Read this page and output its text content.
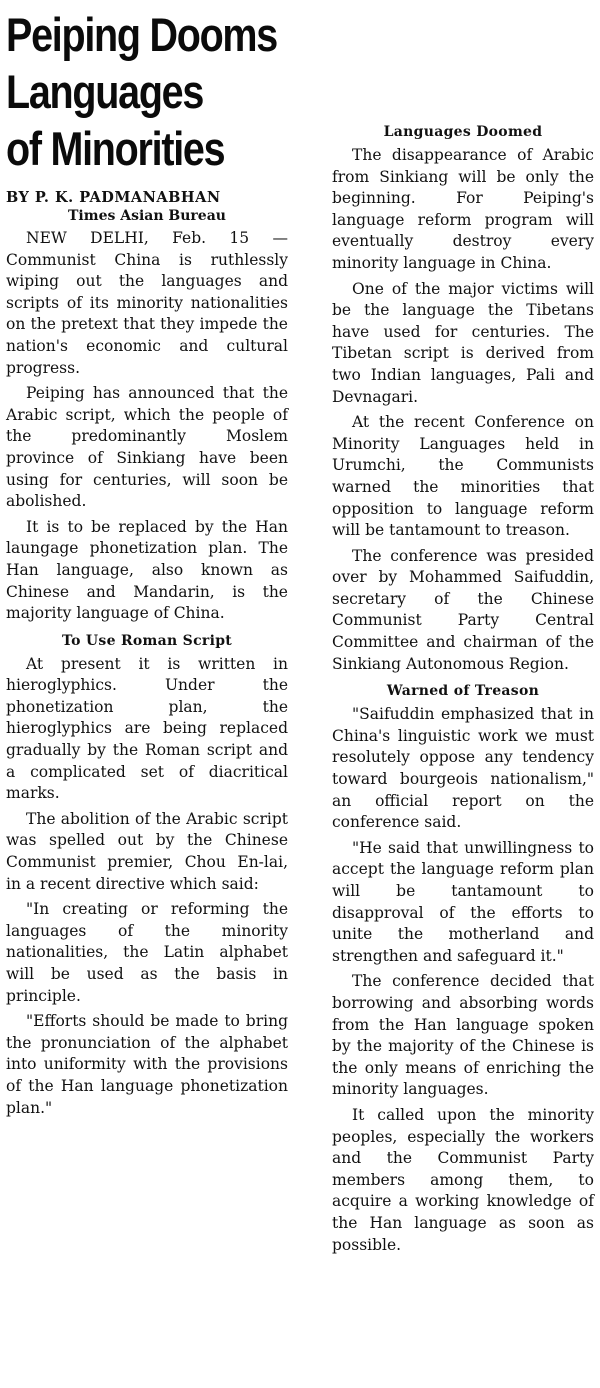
Peiping Dooms
Languages
of Minorities
BY P. K. PADMANABHAN
Times Asian Bureau

NEW DELHI, Feb. 15 — Communist China is ruthlessly wiping out the languages and scripts of its minority nationalities on the pretext that they impede the nation's economic and cultural progress.

Peiping has announced that the Arabic script, which the people of the predominantly Moslem province of Sinkiang have been using for centuries, will soon be abolished.

It is to be replaced by the Han laungage phonetization plan. The Han language, also known as Chinese and Mandarin, is the majority language of China.

To Use Roman Script

At present it is written in hieroglyphics. Under the phonetization plan, the hieroglyphics are being replaced gradually by the Roman script and a complicated set of diacritical marks.

The abolition of the Arabic script was spelled out by the Chinese Communist premier, Chou En-lai, in a recent directive which said:

"In creating or reforming the languages of the minority nationalities, the Latin alphabet will be used as the basis in principle.

"Efforts should be made to bring the pronunciation of the alphabet into uniformity with the provisions of the Han language phonetization plan."

Languages Doomed

The disappearance of Arabic from Sinkiang will be only the beginning. For Peiping's language reform program will eventually destroy every minority language in China.

One of the major victims will be the language the Tibetans have used for centuries. The Tibetan script is derived from two Indian languages, Pali and Devnagari.

At the recent Conference on Minority Languages held in Urumchi, the Communists warned the minorities that opposition to language reform will be tantamount to treason.

The conference was presided over by Mohammed Saifuddin, secretary of the Chinese Communist Party Central Committee and chairman of the Sinkiang Autonomous Region.

Warned of Treason

"Saifuddin emphasized that in China's linguistic work we must resolutely oppose any tendency toward bourgeois nationalism," an official report on the conference said.

"He said that unwillingness to accept the language reform plan will be tantamount to disapproval of the efforts to unite the motherland and strengthen and safeguard it."

The conference decided that borrowing and absorbing words from the Han language spoken by the majority of the Chinese is the only means of enriching the minority languages.

It called upon the minority peoples, especially the workers and the Communist Party members among them, to acquire a working knowledge of the Han language as soon as possible.
